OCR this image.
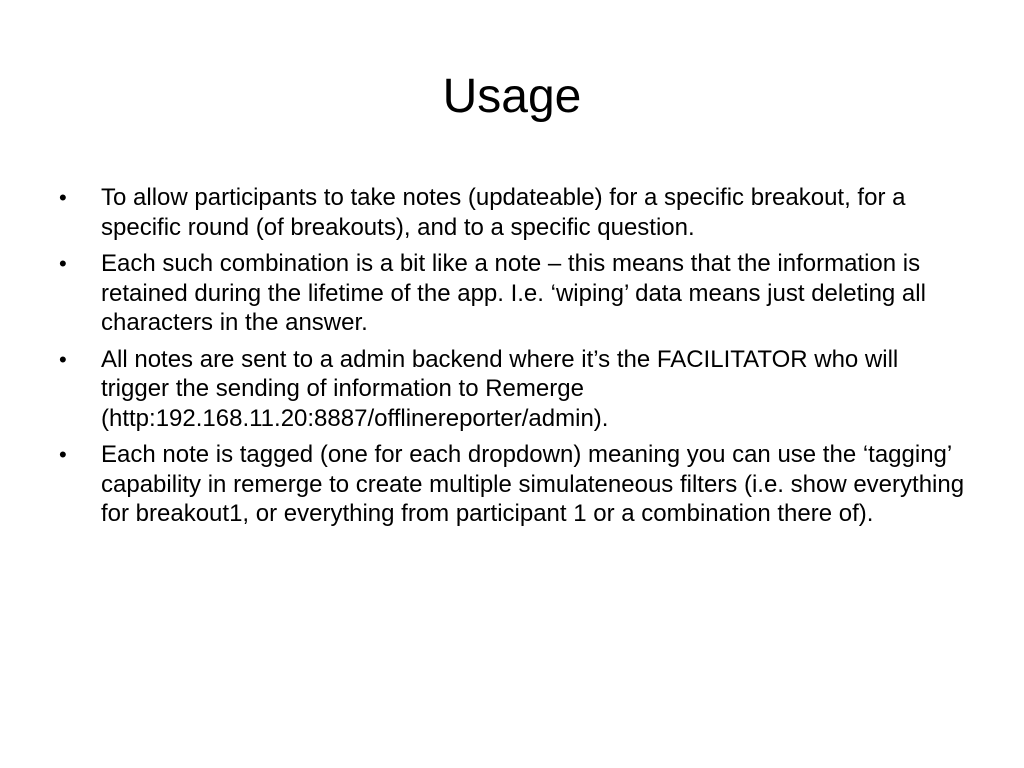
Usage
•	To allow participants to take notes (updateable) for a specific breakout, for a specific round (of breakouts), and to a specific question.
•	Each such combination is a bit like a note – this means that the information is retained during the lifetime of the app. I.e. ‘wiping’ data means just deleting all characters in the answer.
•	All notes are sent to a admin backend where it’s the FACILITATOR who will trigger the sending of information to Remerge (http:192.168.11.20:8887/offlinereporter/admin).
•	Each note is tagged (one for each dropdown) meaning you can use the ‘tagging’ capability in remerge to create multiple simulateneous filters (i.e. show everything for breakout1, or everything from participant 1 or a combination there of).
